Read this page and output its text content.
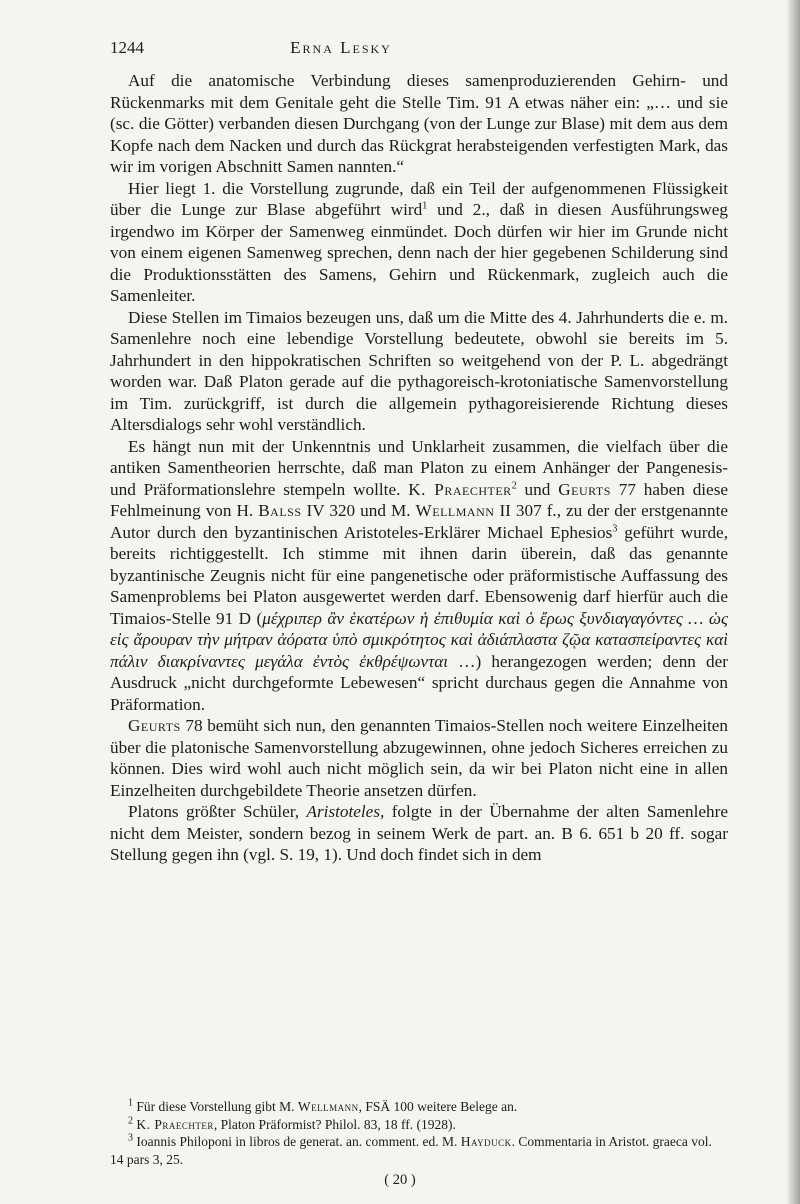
1244	Erna Lesky

Auf die anatomische Verbindung dieses samenproduzierenden Gehirn- und Rückenmarks mit dem Genitale geht die Stelle Tim. 91 A etwas näher ein: „… und sie (sc. die Götter) verbanden diesen Durchgang (von der Lunge zur Blase) mit dem aus dem Kopfe nach dem Nacken und durch das Rückgrat herabsteigenden verfestigten Mark, das wir im vorigen Abschnitt Samen nannten.“

Hier liegt 1. die Vorstellung zugrunde, daß ein Teil der aufgenommenen Flüssigkeit über die Lunge zur Blase abgeführt wird$^1$ und 2., daß in diesen Ausführungsweg irgendwo im Körper der Samenweg einmündet. Doch dürfen wir hier im Grunde nicht von einem eigenen Samenweg sprechen, denn nach der hier gegebenen Schilderung sind die Produktionsstätten des Samens, Gehirn und Rückenmark, zugleich auch die Samenleiter.

Diese Stellen im Timaios bezeugen uns, daß um die Mitte des 4. Jahrhunderts die e. m. Samenlehre noch eine lebendige Vorstellung bedeutete, obwohl sie bereits im 5. Jahrhundert in den hippokratischen Schriften so weitgehend von der P. L. abgedrängt worden war. Daß Platon gerade auf die pythagoreisch-krotoniatische Samenvorstellung im Tim. zurückgriff, ist durch die allgemein pythagoreisierende Richtung dieses Altersdialogs sehr wohl verständlich.

Es hängt nun mit der Unkenntnis und Unklarheit zusammen, die vielfach über die antiken Samentheorien herrschte, daß man Platon zu einem Anhänger der Pangenesis- und Präformationslehre stempeln wollte. K. Praechter$^2$ und Geurts 77 haben diese Fehlmeinung von H. Balss IV 320 und M. Wellmann II 307 f., zu der der erstgenannte Autor durch den byzantinischen Aristoteles-Erklärer Michael Ephesios$^3$ geführt wurde, bereits richtiggestellt. Ich stimme mit ihnen darin überein, daß das genannte byzantinische Zeugnis nicht für eine pangenetische oder präformistische Auffassung des Samenproblems bei Platon ausgewertet werden darf. Ebensowenig darf hierfür auch die Timaios-Stelle 91 D (μέχριπερ ἂν ἑκατέρων ἡ ἐπιθυμία καὶ ὁ ἔρως ξυνδιαγαγόντες … ὡς εἰς ἄρουραν τὴν μήτραν ἀόρατα ὑπὸ σμικρότητος καὶ ἀδιάπλαστα ζῷα κατασπείραντες καὶ πάλιν διακρίναντες μεγάλα ἐντὸς ἐκθρέψωνται …) herangezogen werden; denn der Ausdruck „nicht durchgeformte Lebewesen“ spricht durchaus gegen die Annahme von Präformation.

Geurts 78 bemüht sich nun, den genannten Timaios-Stellen noch weitere Einzelheiten über die platonische Samenvorstellung abzugewinnen, ohne jedoch Sicheres erreichen zu können. Dies wird wohl auch nicht möglich sein, da wir bei Platon nicht eine in allen Einzelheiten durchgebildete Theorie ansetzen dürfen.

Platons größter Schüler, Aristoteles, folgte in der Übernahme der alten Samenlehre nicht dem Meister, sondern bezog in seinem Werk de part. an. B 6. 651 b 20 ff. sogar Stellung gegen ihn (vgl. S. 19, 1). Und doch findet sich in dem

$^1$ Für diese Vorstellung gibt M. Wellmann, FSÄ 100 weitere Belege an.

$^2$ K. Praechter, Platon Präformist? Philol. 83, 18 ff. (1928).

$^3$ Ioannis Philoponi in libros de generat. an. comment. ed. M. Hayduck. Commentaria in Aristot. graeca vol. 14 pars 3, 25.

( 20 )
